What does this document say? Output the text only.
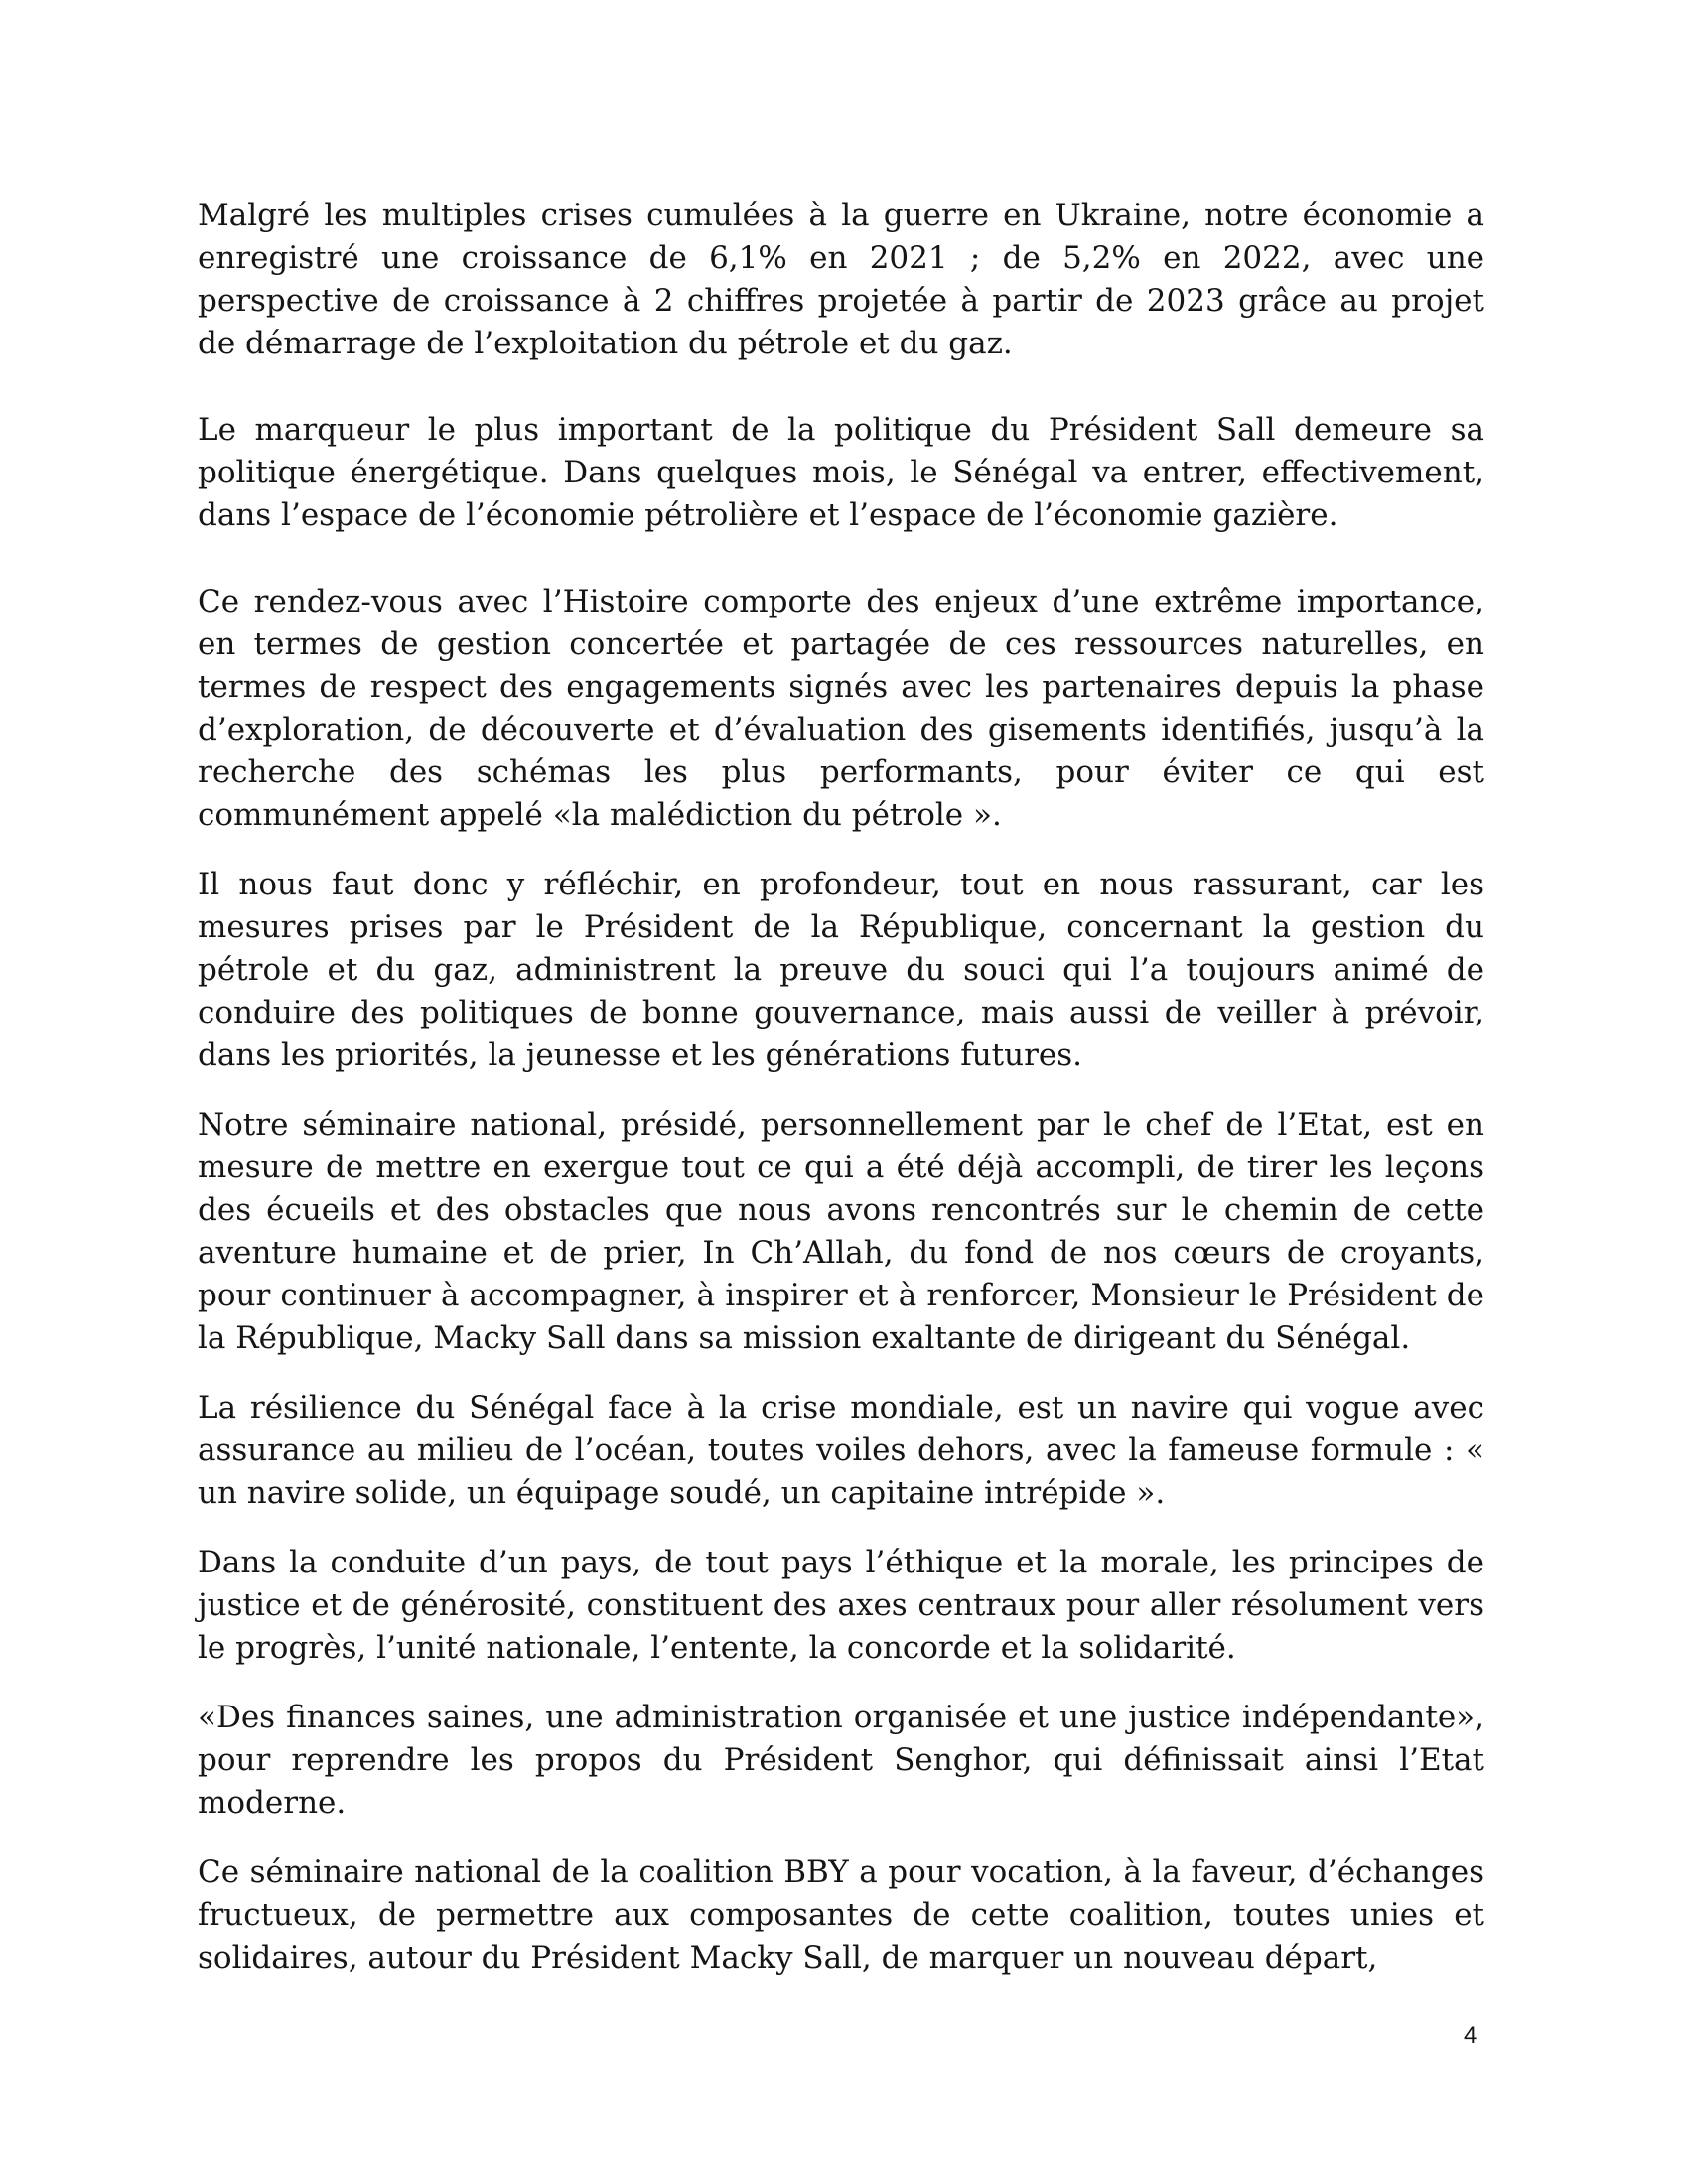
Malgré les multiples crises cumulées à la guerre en Ukraine, notre économie a enregistré une croissance de 6,1% en 2021 ; de 5,2% en 2022, avec une perspective de croissance à 2 chiffres projetée à partir de 2023 grâce au projet de démarrage de l’exploitation du pétrole et du gaz.

Le marqueur le plus important de la politique du Président Sall demeure sa politique énergétique. Dans quelques mois, le Sénégal va entrer, effectivement, dans l’espace de l’économie pétrolière et l’espace de l’économie gazière.

Ce rendez-vous avec l’Histoire comporte des enjeux d’une extrême importance, en termes de gestion concertée et partagée de ces ressources naturelles, en termes de respect des engagements signés avec les partenaires depuis la phase d’exploration, de découverte et d’évaluation des gisements identifiés, jusqu’à la recherche des schémas les plus performants, pour éviter ce qui est communément appelé «la malédiction du pétrole ».

Il nous faut donc y réfléchir, en profondeur, tout en nous rassurant, car les mesures prises par le Président de la République, concernant la gestion du pétrole et du gaz, administrent la preuve du souci qui l’a toujours animé de conduire des politiques de bonne gouvernance, mais aussi de veiller à prévoir, dans les priorités, la jeunesse et les générations futures.

Notre séminaire national, présidé, personnellement par le chef de l’Etat, est en mesure de mettre en exergue tout ce qui a été déjà accompli, de tirer les leçons des écueils et des obstacles que nous avons rencontrés sur le chemin de cette aventure humaine et de prier, In Ch’Allah, du fond de nos cœurs de croyants, pour continuer à accompagner, à inspirer et à renforcer, Monsieur le Président de la République, Macky Sall dans sa mission exaltante de dirigeant du Sénégal.

La résilience du Sénégal face à la crise mondiale, est un navire qui vogue avec assurance au milieu de l’océan, toutes voiles dehors, avec la fameuse formule : « un navire solide, un équipage soudé, un capitaine intrépide ».

Dans la conduite d’un pays, de tout pays l’éthique et la morale, les principes de justice et de générosité, constituent des axes centraux pour aller résolument vers le progrès, l’unité nationale, l’entente, la concorde et la solidarité.

«Des finances saines, une administration organisée et une justice indépendante», pour reprendre les propos du Président Senghor, qui définissait ainsi l’Etat moderne.

Ce séminaire national de la coalition BBY a pour vocation, à la faveur, d’échanges fructueux, de permettre aux composantes de cette coalition, toutes unies et solidaires, autour du Président Macky Sall, de marquer un nouveau départ,

4
